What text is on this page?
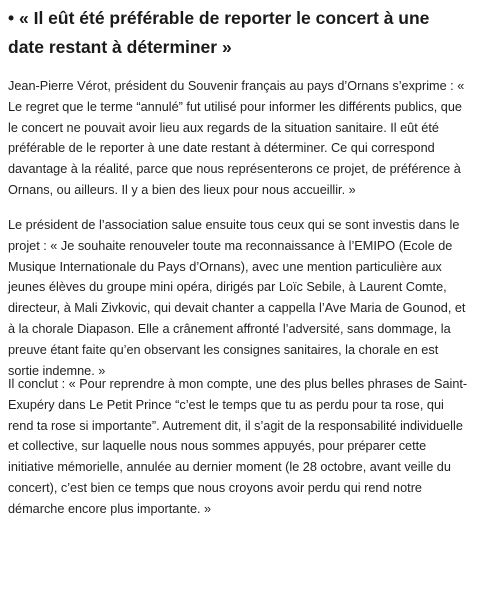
• « Il eût été préférable de reporter le concert à une date restant à déterminer »

Jean-Pierre Vérot, président du Souvenir français au pays d’Ornans s’exprime : « Le regret que le terme “annulé” fut utilisé pour informer les différents publics, que le concert ne pouvait avoir lieu aux regards de la situation sanitaire. Il eût été préférable de le reporter à une date restant à déterminer. Ce qui correspond davantage à la réalité, parce que nous représenterons ce projet, de préférence à Ornans, ou ailleurs. Il y a bien des lieux pour nous accueillir. »

Le président de l’association salue ensuite tous ceux qui se sont investis dans le projet : « Je souhaite renouveler toute ma reconnaissance à l’EMIPO (Ecole de Musique Internationale du Pays d’Ornans), avec une mention particulière aux jeunes élèves du groupe mini opéra, dirigés par Loïc Sebile, à Laurent Comte, directeur, à Mali Zivkovic, qui devait chanter a cappella l’Ave Maria de Gounod, et à la chorale Diapason. Elle a crânement affronté l’adversité, sans dommage, la preuve étant faite qu’en observant les consignes sanitaires, la chorale en est sortie indemne. »

Il conclut : « Pour reprendre à mon compte, une des plus belles phrases de Saint-Exupéry dans Le Petit Prince “c’est le temps que tu as perdu pour ta rose, qui rend ta rose si importante”. Autrement dit, il s’agit de la responsabilité individuelle et collective, sur laquelle nous nous sommes appuyés, pour préparer cette initiative mémorielle, annulée au dernier moment (le 28 octobre, avant veille du concert), c’est bien ce temps que nous croyons avoir perdu qui rend notre démarche encore plus importante. »
